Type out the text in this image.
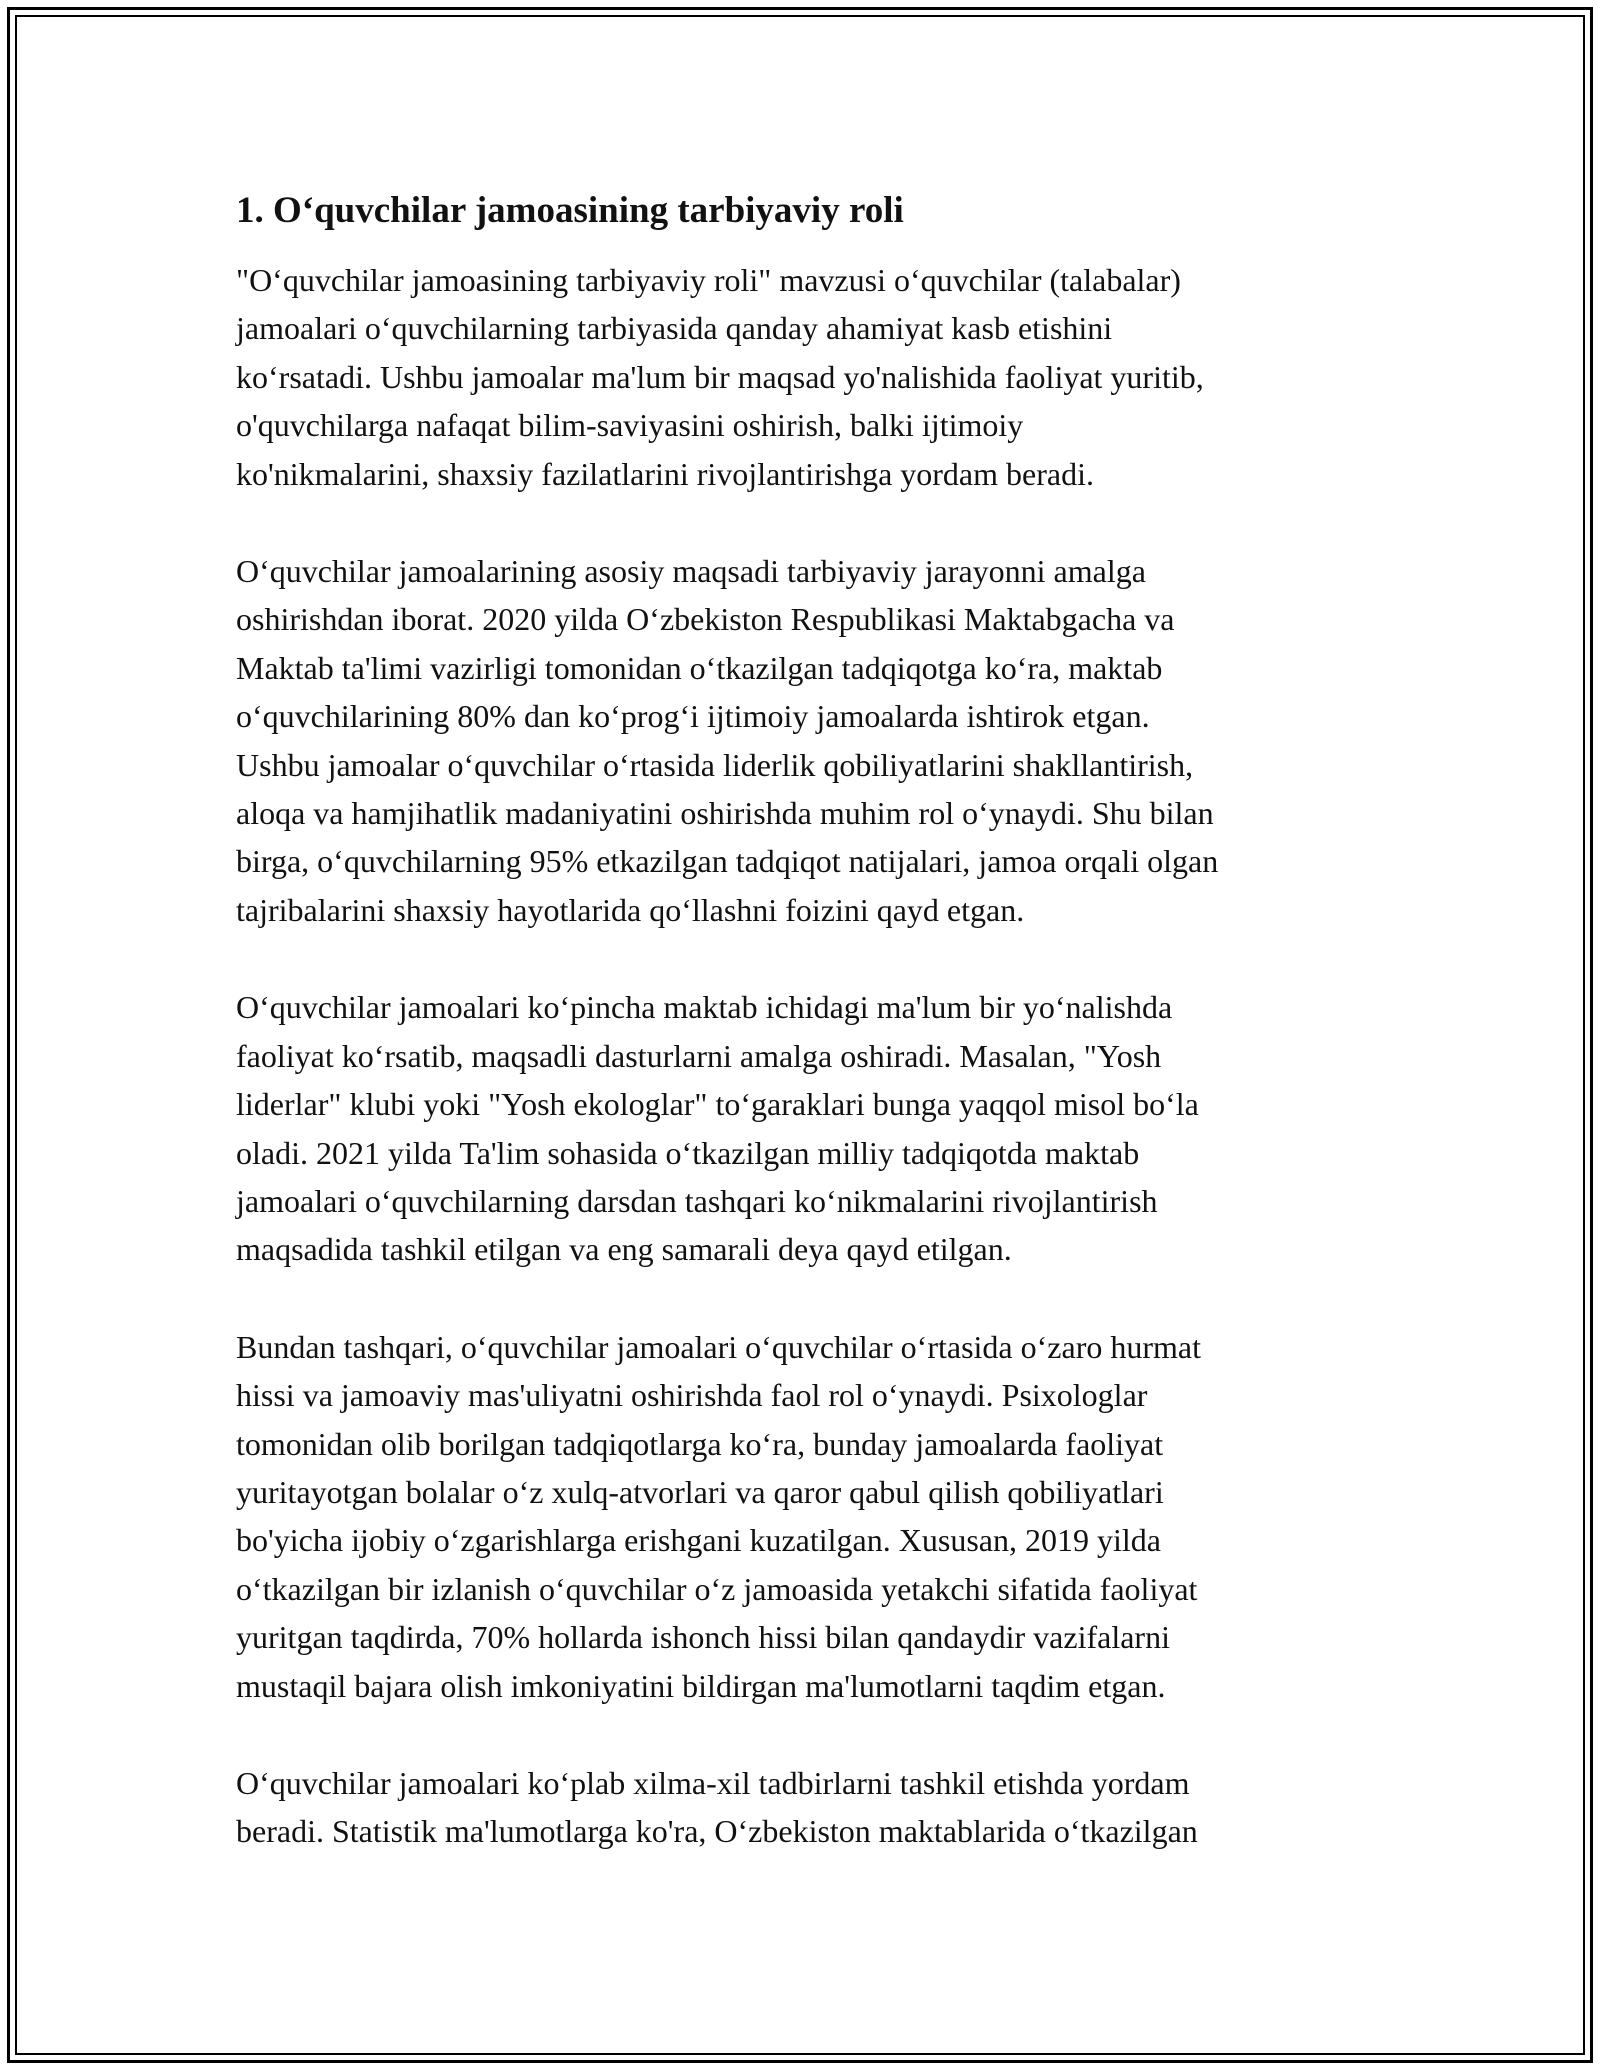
1. O‘quvchilar jamoasining tarbiyaviy roli

"O‘quvchilar jamoasining tarbiyaviy roli" mavzusi o‘quvchilar (talabalar)
jamoalari o‘quvchilarning tarbiyasida qanday ahamiyat kasb etishini
ko‘rsatadi. Ushbu jamoalar ma'lum bir maqsad yo'nalishida faoliyat yuritib,
o'quvchilarga nafaqat bilim-saviyasini oshirish, balki ijtimoiy
ko'nikmalarini, shaxsiy fazilatlarini rivojlantirishga yordam beradi.

O‘quvchilar jamoalarining asosiy maqsadi tarbiyaviy jarayonni amalga
oshirishdan iborat. 2020 yilda O‘zbekiston Respublikasi Maktabgacha va
Maktab ta'limi vazirligi tomonidan o‘tkazilgan tadqiqotga ko‘ra, maktab
o‘quvchilarining 80% dan ko‘prog‘i ijtimoiy jamoalarda ishtirok etgan.
Ushbu jamoalar o‘quvchilar o‘rtasida liderlik qobiliyatlarini shakllantirish,
aloqa va hamjihatlik madaniyatini oshirishda muhim rol o‘ynaydi. Shu bilan
birga, o‘quvchilarning 95% etkazilgan tadqiqot natijalari, jamoa orqali olgan
tajribalarini shaxsiy hayotlarida qo‘llashni foizini qayd etgan.

O‘quvchilar jamoalari ko‘pincha maktab ichidagi ma'lum bir yo‘nalishda
faoliyat ko‘rsatib, maqsadli dasturlarni amalga oshiradi. Masalan, "Yosh
liderlar" klubi yoki "Yosh ekologlar" to‘garaklari bunga yaqqol misol bo‘la
oladi. 2021 yilda Ta'lim sohasida o‘tkazilgan milliy tadqiqotda maktab
jamoalari o‘quvchilarning darsdan tashqari ko‘nikmalarini rivojlantirish
maqsadida tashkil etilgan va eng samarali deya qayd etilgan.

Bundan tashqari, o‘quvchilar jamoalari o‘quvchilar o‘rtasida o‘zaro hurmat
hissi va jamoaviy mas'uliyatni oshirishda faol rol o‘ynaydi. Psixologlar
tomonidan olib borilgan tadqiqotlarga ko‘ra, bunday jamoalarda faoliyat
yuritayotgan bolalar o‘z xulq-atvorlari va qaror qabul qilish qobiliyatlari
bo'yicha ijobiy o‘zgarishlarga erishgani kuzatilgan. Xususan, 2019 yilda
o‘tkazilgan bir izlanish o‘quvchilar o‘z jamoasida yetakchi sifatida faoliyat
yuritgan taqdirda, 70% hollarda ishonch hissi bilan qandaydir vazifalarni
mustaqil bajara olish imkoniyatini bildirgan ma'lumotlarni taqdim etgan.

O‘quvchilar jamoalari ko‘plab xilma-xil tadbirlarni tashkil etishda yordam
beradi. Statistik ma'lumotlarga ko'ra, O‘zbekiston maktablarida o‘tkazilgan
